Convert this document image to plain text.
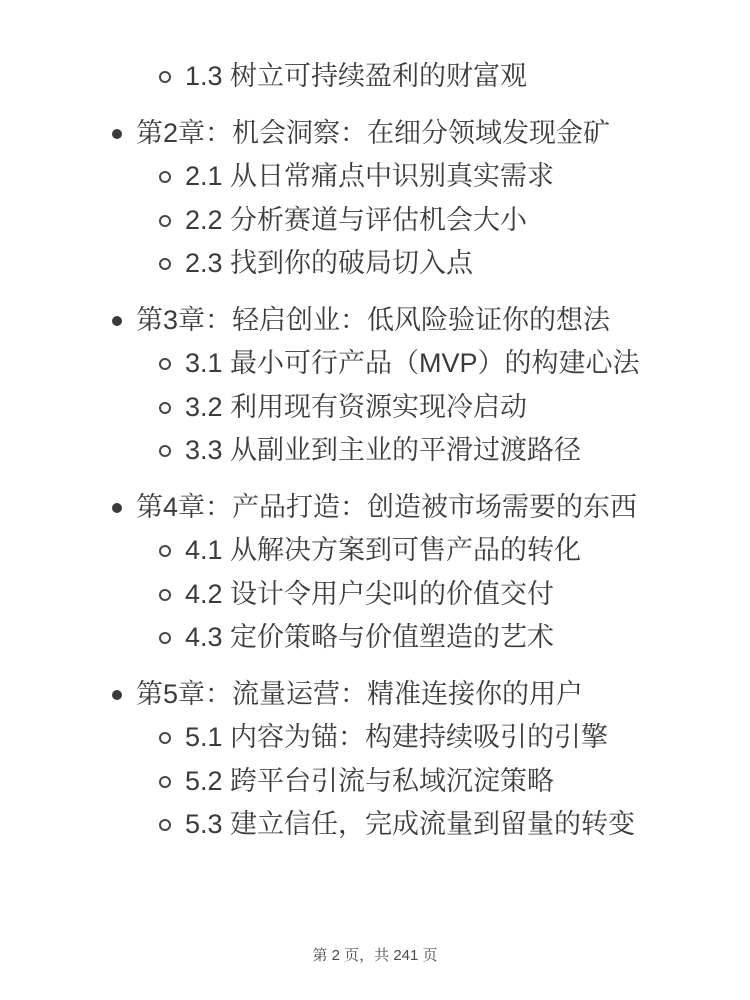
1.3 树立可持续盈利的财富观
第2章：机会洞察：在细分领域发现金矿
2.1 从日常痛点中识别真实需求
2.2 分析赛道与评估机会大小
2.3 找到你的破局切入点
第3章：轻启创业：低风险验证你的想法
3.1 最小可行产品（MVP）的构建心法
3.2 利用现有资源实现冷启动
3.3 从副业到主业的平滑过渡路径
第4章：产品打造：创造被市场需要的东西
4.1 从解决方案到可售产品的转化
4.2 设计令用户尖叫的价值交付
4.3 定价策略与价值塑造的艺术
第5章：流量运营：精准连接你的用户
5.1 内容为锚：构建持续吸引的引擎
5.2 跨平台引流与私域沉淀策略
5.3 建立信任，完成流量到留量的转变
第 2 页，共 241 页
